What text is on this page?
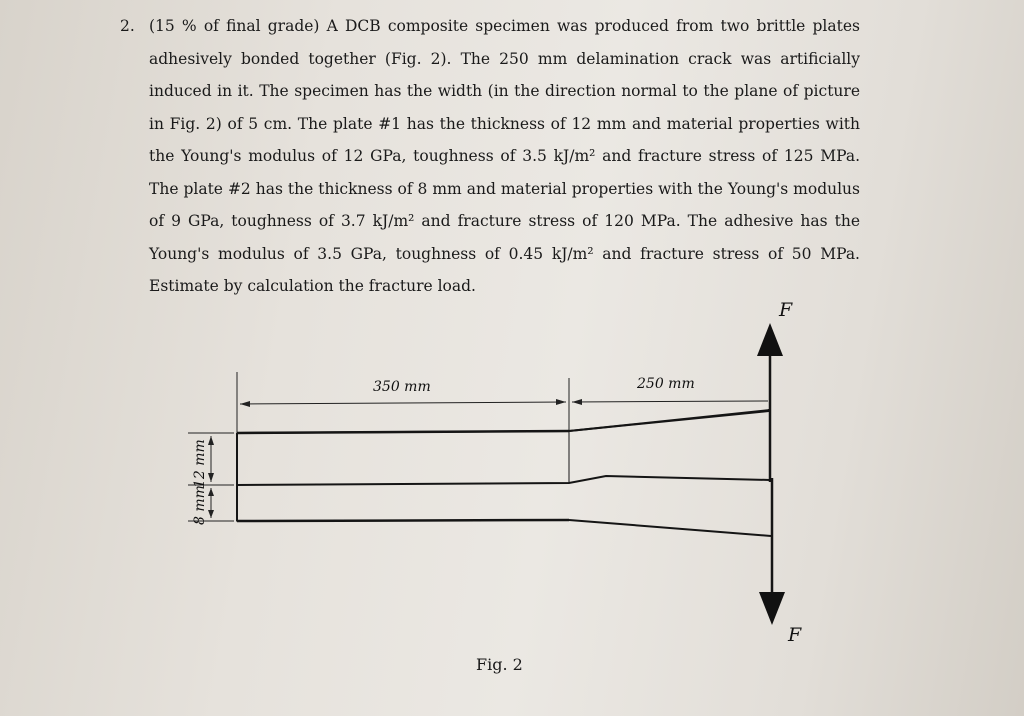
2. (15 % of final grade) A DCB composite specimen was produced from two brittle plates adhesively bonded together (Fig. 2). The 250 mm delamination crack was artificially induced in it. The specimen has the width (in the direction normal to the plane of picture in Fig. 2) of 5 cm. The plate #1 has the thickness of 12 mm and material properties with the Young's modulus of 12 GPa, toughness of 3.5 kJ/m² and fracture stress of 125 MPa. The plate #2 has the thickness of 8 mm and material properties with the Young's modulus of 9 GPa, toughness of 3.7 kJ/m² and fracture stress of 120 MPa. The adhesive has the Young's modulus of 3.5 GPa, toughness of 0.45 kJ/m² and fracture stress of 50 MPa. Estimate by calculation the fracture load.
350 mm	250 mm
12 mm
8 mm
F
F
Fig. 2
